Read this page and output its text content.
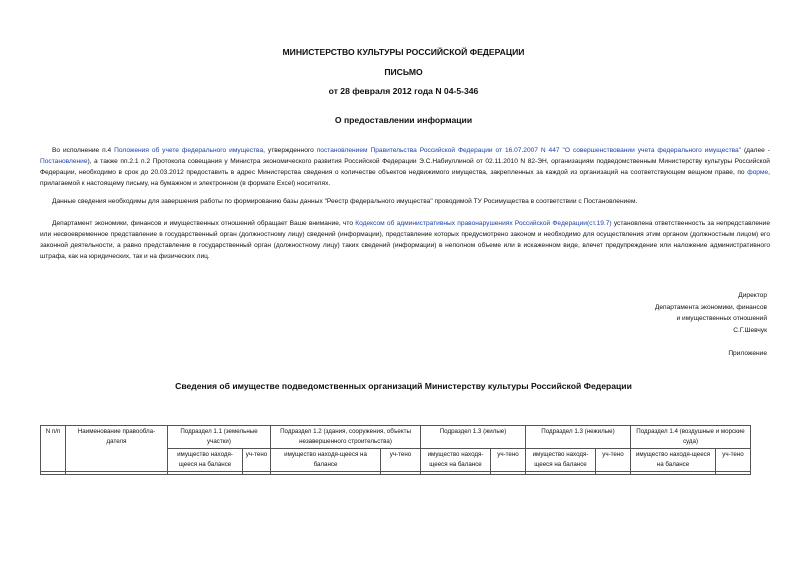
МИНИСТЕРСТВО КУЛЬТУРЫ РОССИЙСКОЙ ФЕДЕРАЦИИ
ПИСЬМО
от 28 февраля 2012 года N 04-5-346
О предоставлении информации

Во исполнение п.4 Положения об учете федерального имущества, утвержденного постановлением Правительства Российской Федерации от 16.07.2007 N 447 "О совершенствовании учета федерального имущества" (далее - Постановление), а также пп.2.1 п.2 Протокола совещания у Министра экономического развития Российской Федерации Э.С.Набиуллиной от 02.11.2010 N 82-ЭН, организациям подведомственным Министерству культуры Российской Федерации, необходимо в срок до 20.03.2012 предоставить в адрес Министерства сведения о количестве объектов недвижимого имущества, закрепленных за каждой из организаций на соответствующем вещном праве, по форме, прилагаемой к настоящему письму, на бумажном и электронном (в формате Excel) носителях.

Данные сведения необходимы для завершения работы по формированию базы данных "Реестр федерального имущества" проводимой ТУ Росимущества в соответствии с Постановлением.

Департамент экономики, финансов и имущественных отношений обращает Ваше внимание, что Кодексом об административных правонарушениях Российской Федерации(ст.19.7) установлена ответственность за непредставление или несвоевременное представление в государственный орган (должностному лицу) сведений (информации), представление которых предусмотрено законом и необходимо для осуществления этим органом (должностным лицом) его законной деятельности, а равно представление в государственный орган (должностному лицу) таких сведений (информации) в неполном объеме или в искаженном виде, влечет предупреждение или наложение административного штрафа, как на юридических, так и на физических лиц.

Директор
Департамента экономики, финансов
и имущественных отношений
С.Г.Шевчук
Приложение
Сведения об имуществе подведомственных организаций Министерству культуры Российской Федерации
N п/п	Наименование правообла-дателя	Подраздел 1.1 (земельные участки)		Подраздел 1.2 (здания, сооружения, объекты незавершенного строительства)		Подраздел 1.3 (жилые)		Подраздел 1.3 (нежилые)		Подраздел 1.4 (воздушные и морские суда)	
		имущество находя-щееся на балансе	уч-тено	имущество находя-щееся на балансе	уч-тено	имущество находя-щееся на балансе	уч-тено	имущество находя-щееся на балансе	уч-тено	имущество находя-щееся на балансе	уч-тено
